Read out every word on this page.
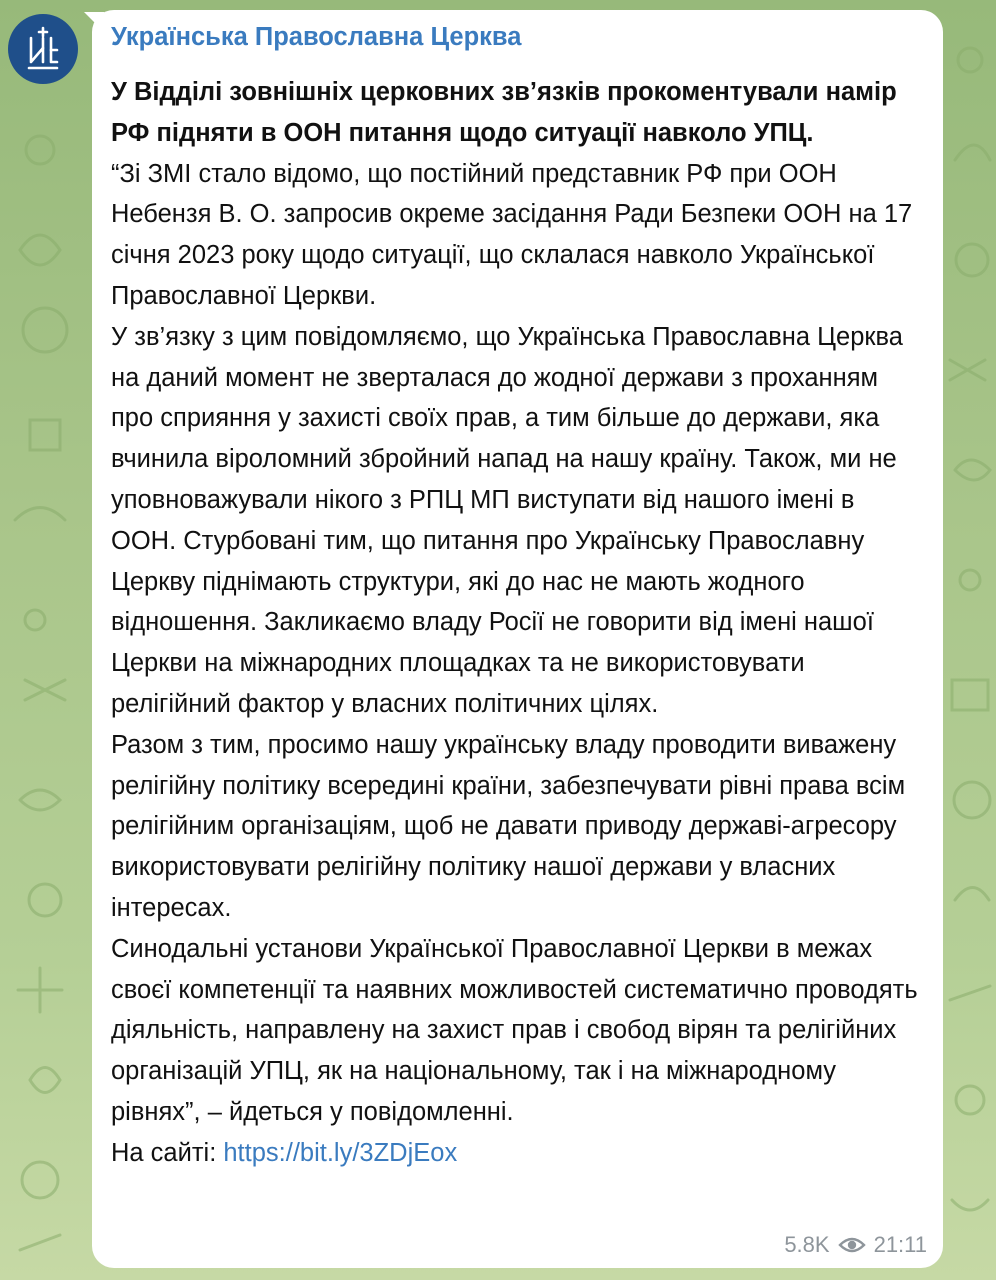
Українська Православна Церква

У Відділі зовнішніх церковних зв’язків прокоментували намір РФ підняти в ООН питання щодо ситуації навколо УПЦ.

“Зі ЗМІ стало відомо, що постійний представник РФ при ООН Небензя В. О. запросив окреме засідання Ради Безпеки ООН на 17 січня 2023 року щодо ситуації, що склалася навколо Української Православної Церкви.

У зв’язку з цим повідомляємо, що Українська Православна Церква на даний момент не зверталася до жодної держави з проханням про сприяння у захисті своїх прав, а тим більше до держави, яка вчинила віроломний збройний напад на нашу країну. Також, ми не уповноважували нікого з РПЦ МП виступати від нашого імені в ООН. Стурбовані тим, що питання про Українську Православну Церкву піднімають структури, які до нас не мають жодного відношення. Закликаємо владу Росії не говорити від імені нашої Церкви на міжнародних площадках та не використовувати релігійний фактор у власних політичних цілях.

Разом з тим, просимо нашу українську владу проводити виважену релігійну політику всередині країни, забезпечувати рівні права всім релігійним організаціям, щоб не давати приводу державі-агресору використовувати релігійну політику нашої держави у власних інтересах.

Синодальні установи Української Православної Церкви в межах своєї компетенції та наявних можливостей систематично проводять діяльність, направлену на захист прав і свобод вірян та релігійних організацій УПЦ, як на національному, так і на міжнародному рівнях”, – йдеться у повідомленні.

На сайті: https://bit.ly/3ZDjEox
5.8K 21:11
